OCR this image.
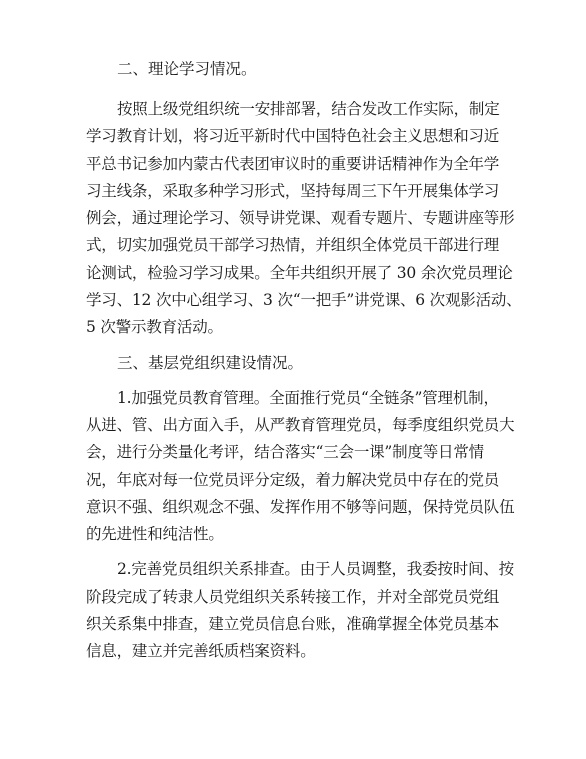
二、理论学习情况。

按照上级党组织统一安排部署，结合发改工作实际，制定

学习教育计划，将习近平新时代中国特色社会主义思想和习近

平总书记参加内蒙古代表团审议时的重要讲话精神作为全年学

习主线条，采取多种学习形式，坚持每周三下午开展集体学习

例会，通过理论学习、领导讲党课、观看专题片、专题讲座等形

式，切实加强党员干部学习热情，并组织全体党员干部进行理

论测试，检验习学习成果。全年共组织开展了 30 余次党员理论

学习、12 次中心组学习、3 次“一把手”讲党课、6 次观影活动、

5 次警示教育活动。

三、基层党组织建设情况。

1.加强党员教育管理。全面推行党员“全链条”管理机制，

从进、管、出方面入手，从严教育管理党员，每季度组织党员大

会，进行分类量化考评，结合落实“三会一课”制度等日常情

况，年底对每一位党员评分定级，着力解决党员中存在的党员

意识不强、组织观念不强、发挥作用不够等问题，保持党员队伍

的先进性和纯洁性。

2.完善党员组织关系排查。由于人员调整，我委按时间、按

阶段完成了转隶人员党组织关系转接工作，并对全部党员党组

织关系集中排查，建立党员信息台账，准确掌握全体党员基本

信息，建立并完善纸质档案资料。
